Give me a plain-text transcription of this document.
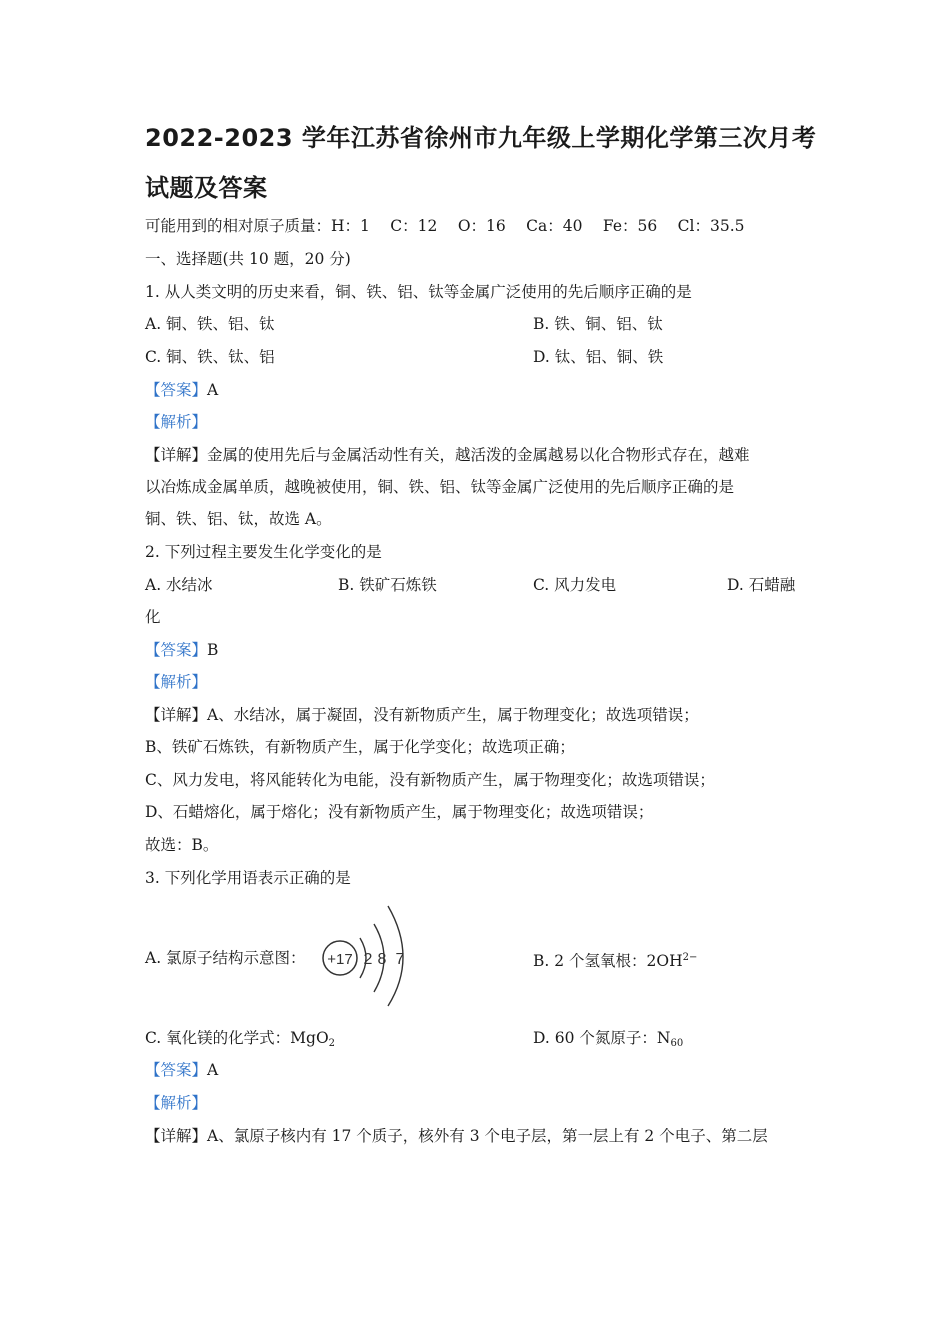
2022-2023 学年江苏省徐州市九年级上学期化学第三次月考
试题及答案
可能用到的相对原子质量：H：1　 C：12　 O：16　 Ca：40　 Fe：56　 Cl：35.5
一、选择题(共 10 题，20 分)
1. 从人类文明的历史来看，铜、铁、铝、钛等金属广泛使用的先后顺序正确的是
A. 铜、铁、铝、钛	B. 铁、铜、铝、钛
C. 铜、铁、钛、铝	D. 钛、铝、铜、铁
【答案】A
【解析】
【详解】金属的使用先后与金属活动性有关，越活泼的金属越易以化合物形式存在，越难
以冶炼成金属单质，越晚被使用，铜、铁、铝、钛等金属广泛使用的先后顺序正确的是
铜、铁、铝、钛，故选 A。
2. 下列过程主要发生化学变化的是
A. 水结冰	B. 铁矿石炼铁	C. 风力发电	D. 石蜡融
化
【答案】B
【解析】
【详解】A、水结冰，属于凝固，没有新物质产生，属于物理变化；故选项错误；
B、铁矿石炼铁，有新物质产生，属于化学变化；故选项正确；
C、风力发电，将风能转化为电能，没有新物质产生，属于物理变化；故选项错误；
D、石蜡熔化，属于熔化；没有新物质产生，属于物理变化；故选项错误；
故选：B。
3. 下列化学用语表示正确的是
A. 氯原子结构示意图： +17 2 8 7	B. 2 个氢氧根：$2OH^{2-}$
C. 氧化镁的化学式：MgO$_2$	D. 60 个氮原子：$N_{60}$
【答案】A
【解析】
【详解】A、氯原子核内有 17 个质子，核外有 3 个电子层，第一层上有 2 个电子、第二层
